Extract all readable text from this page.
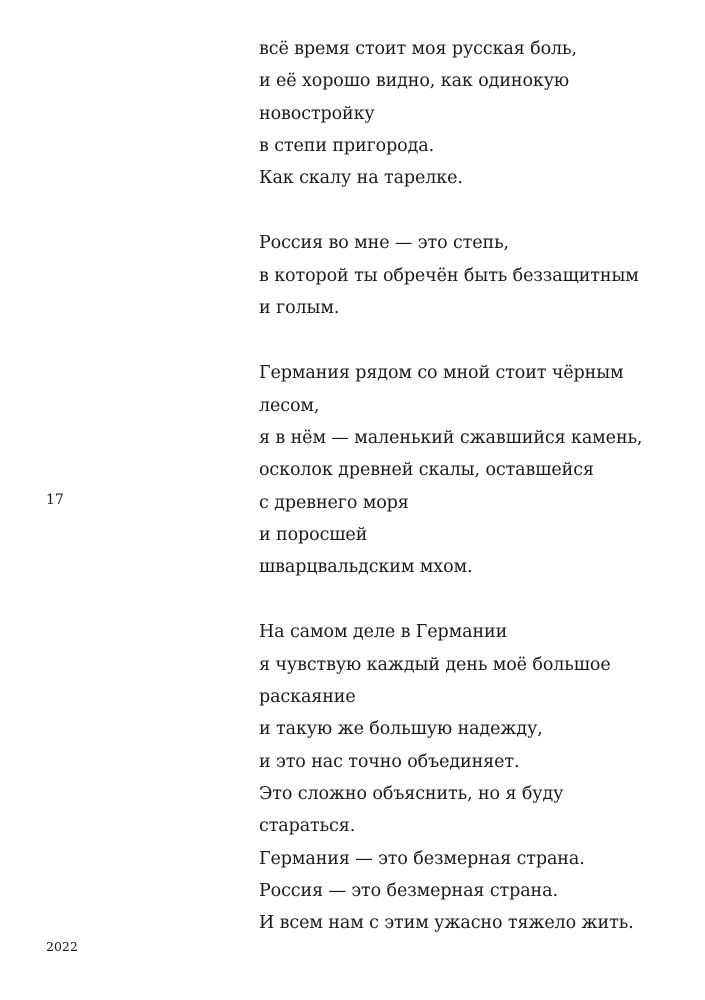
17
всё время стоит моя русская боль,
и её хорошо видно, как одинокую
новостройку
в степи пригорода.
Как скалу на тарелке.
Россия во мне — это степь,
в которой ты обречён быть беззащитным
и голым.
Германия рядом со мной стоит чёрным
лесом,
я в нём — маленький сжавшийся камень,
осколок древней скалы, оставшейся
с древнего моря
и поросшей
шварцвальдским мхом.
На самом деле в Германии
я чувствую каждый день моё большое
раскаяние
и такую же большую надежду,
и это нас точно объединяет.
Это сложно объяснить, но я буду
стараться.
Германия — это безмерная страна.
Россия — это безмерная страна.
И всем нам с этим ужасно тяжело жить.
2022
